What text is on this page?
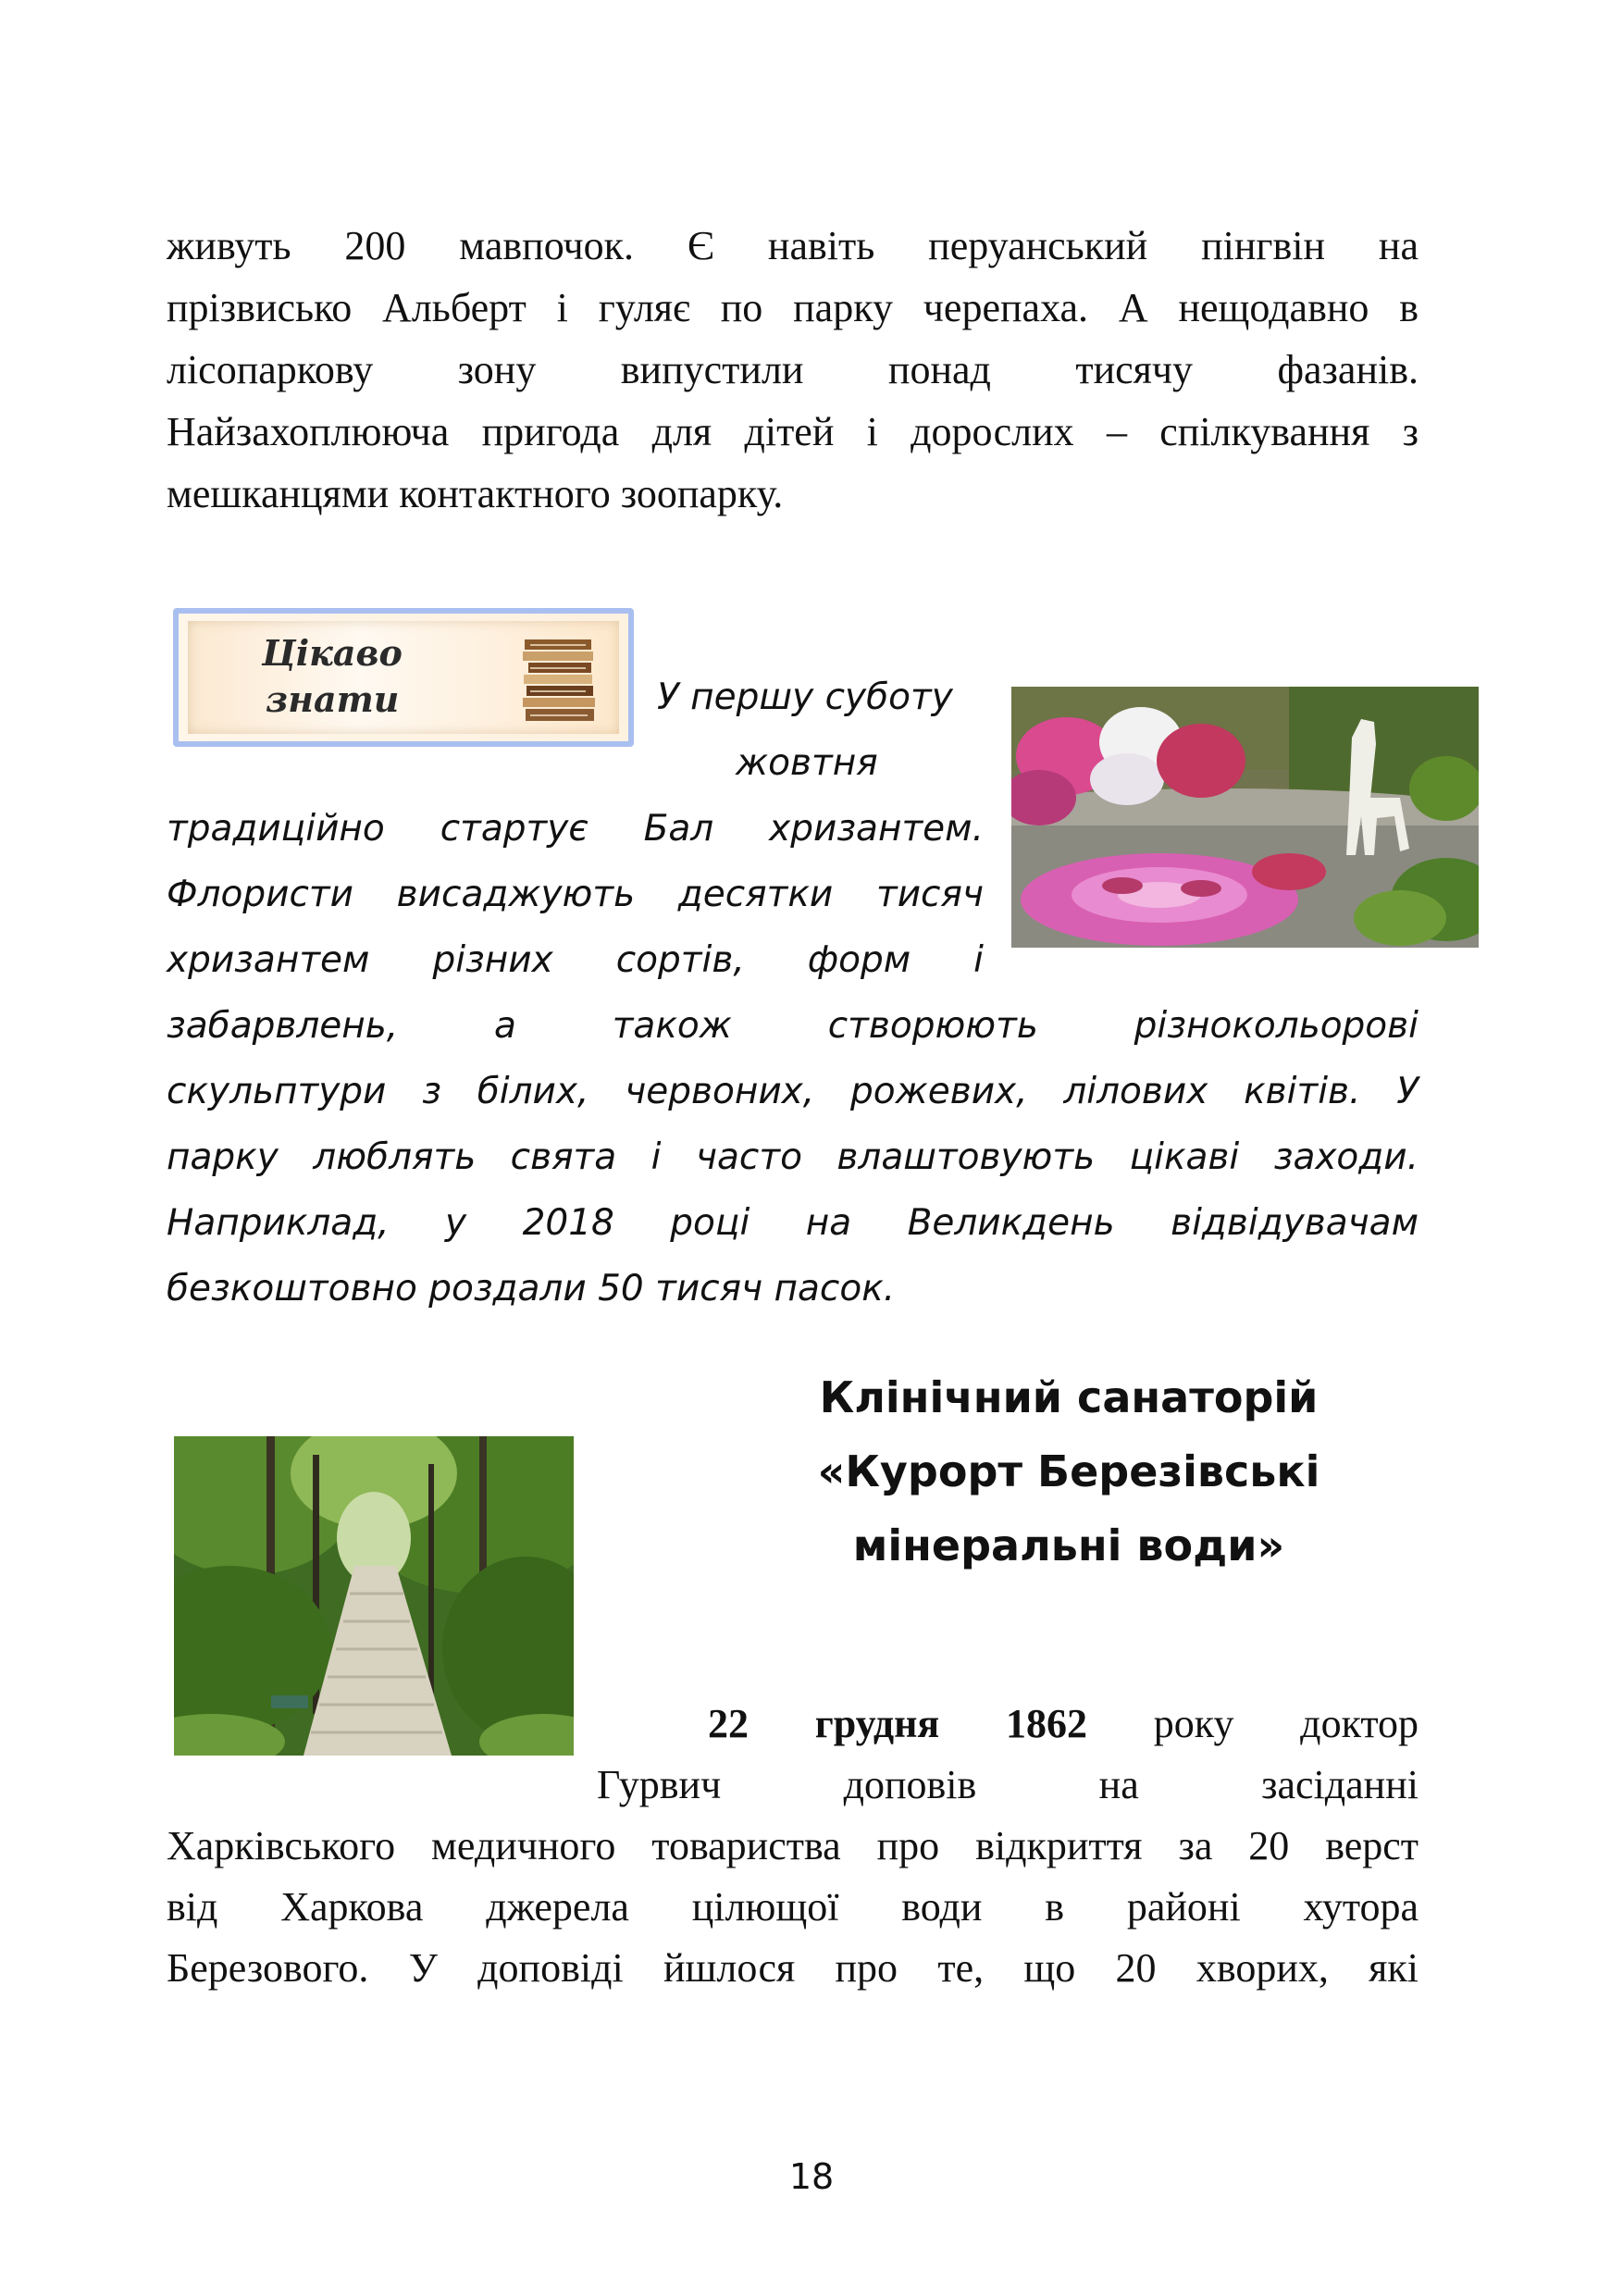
живуть 200 мавпочок. Є навіть перуанський пінгвін на
прізвисько Альберт і гуляє по парку черепаха. А нещодавно в
лісопаркову зону випустили понад тисячу фазанів.
Найзахоплююча пригода для дітей і дорослих – спілкування з
мешканцями контактного зоопарку.
Цікаво
знати	У першу суботу
жовтня
традиційно стартує Бал хризантем.
Флористи висаджують десятки тисяч
хризантем різних сортів, форм і
забарвлень, а також створюють різнокольорові
скульптури з білих, червоних, рожевих, лілових квітів. У
парку люблять свята і часто влаштовують цікаві заходи.
Наприклад, у 2018 році на Великдень відвідувачам
безкоштовно роздали 50 тисяч пасок.
Клінічний санаторій
«Курорт Березівські
мінеральні води»
22 грудня 1862 року доктор
Гурвич доповів на засіданні
Харківського медичного товариства про відкриття за 20 верст
від Харкова джерела цілющої води в районі хутора
Березового. У доповіді йшлося про те, що 20 хворих, які
18
